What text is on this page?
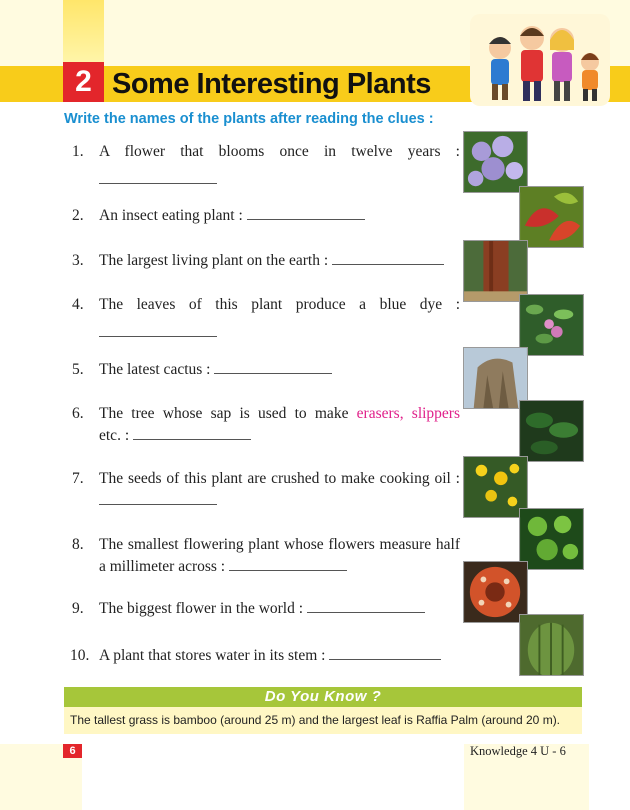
2 Some Interesting Plants
Write the names of the plants after reading the clues :
1. A flower that blooms once in twelve years :
2. An insect eating plant :
3. The largest living plant on the earth :
4. The leaves of this plant produce a blue dye :
5. The latest cactus :
6. The tree whose sap is used to make erasers, slippers
etc. :
7. The seeds of this plant are crushed to make cooking oil :
8. The smallest flowering plant whose flowers measure half a millimeter across :
9. The biggest flower in the world :
10. A plant that stores water in its stem :
Do You Know ?
The tallest grass is bamboo (around 25 m) and the largest leaf is Raffia Palm (around 20 m).
6	Knowledge 4 U - 6
